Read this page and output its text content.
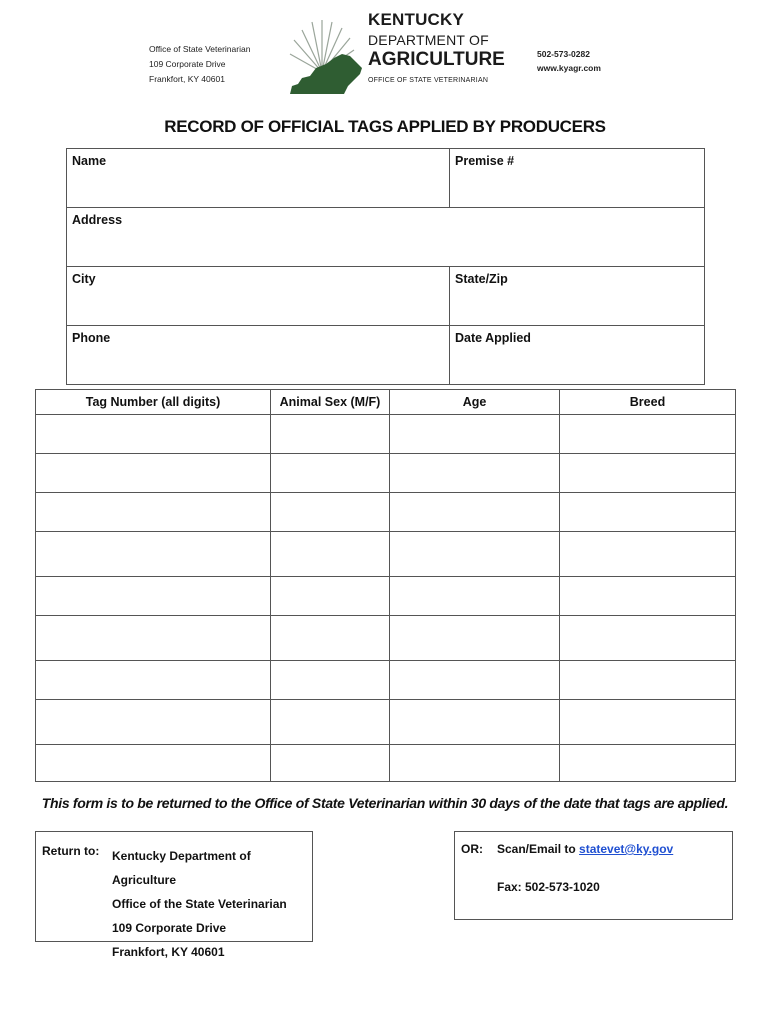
Office of State Veterinarian
109 Corporate Drive
Frankfort, KY 40601
KENTUCKY
DEPARTMENT OF
AGRICULTURE
OFFICE OF STATE VETERINARIAN
502-573-0282
www.kyagr.com
RECORD OF OFFICIAL TAGS APPLIED BY PRODUCERS
Name	Premise #
Address	
City	State/Zip
Phone	Date Applied
Tag Number (all digits)	Animal Sex (M/F)	Age	Breed

This form is to be returned to the Office of State Veterinarian within 30 days of the date that tags are applied.
Return to: Kentucky Department of Agriculture
Office of the State Veterinarian
109 Corporate Drive
Frankfort, KY 40601
OR: Scan/Email to statevet@ky.gov
Fax: 502-573-1020
